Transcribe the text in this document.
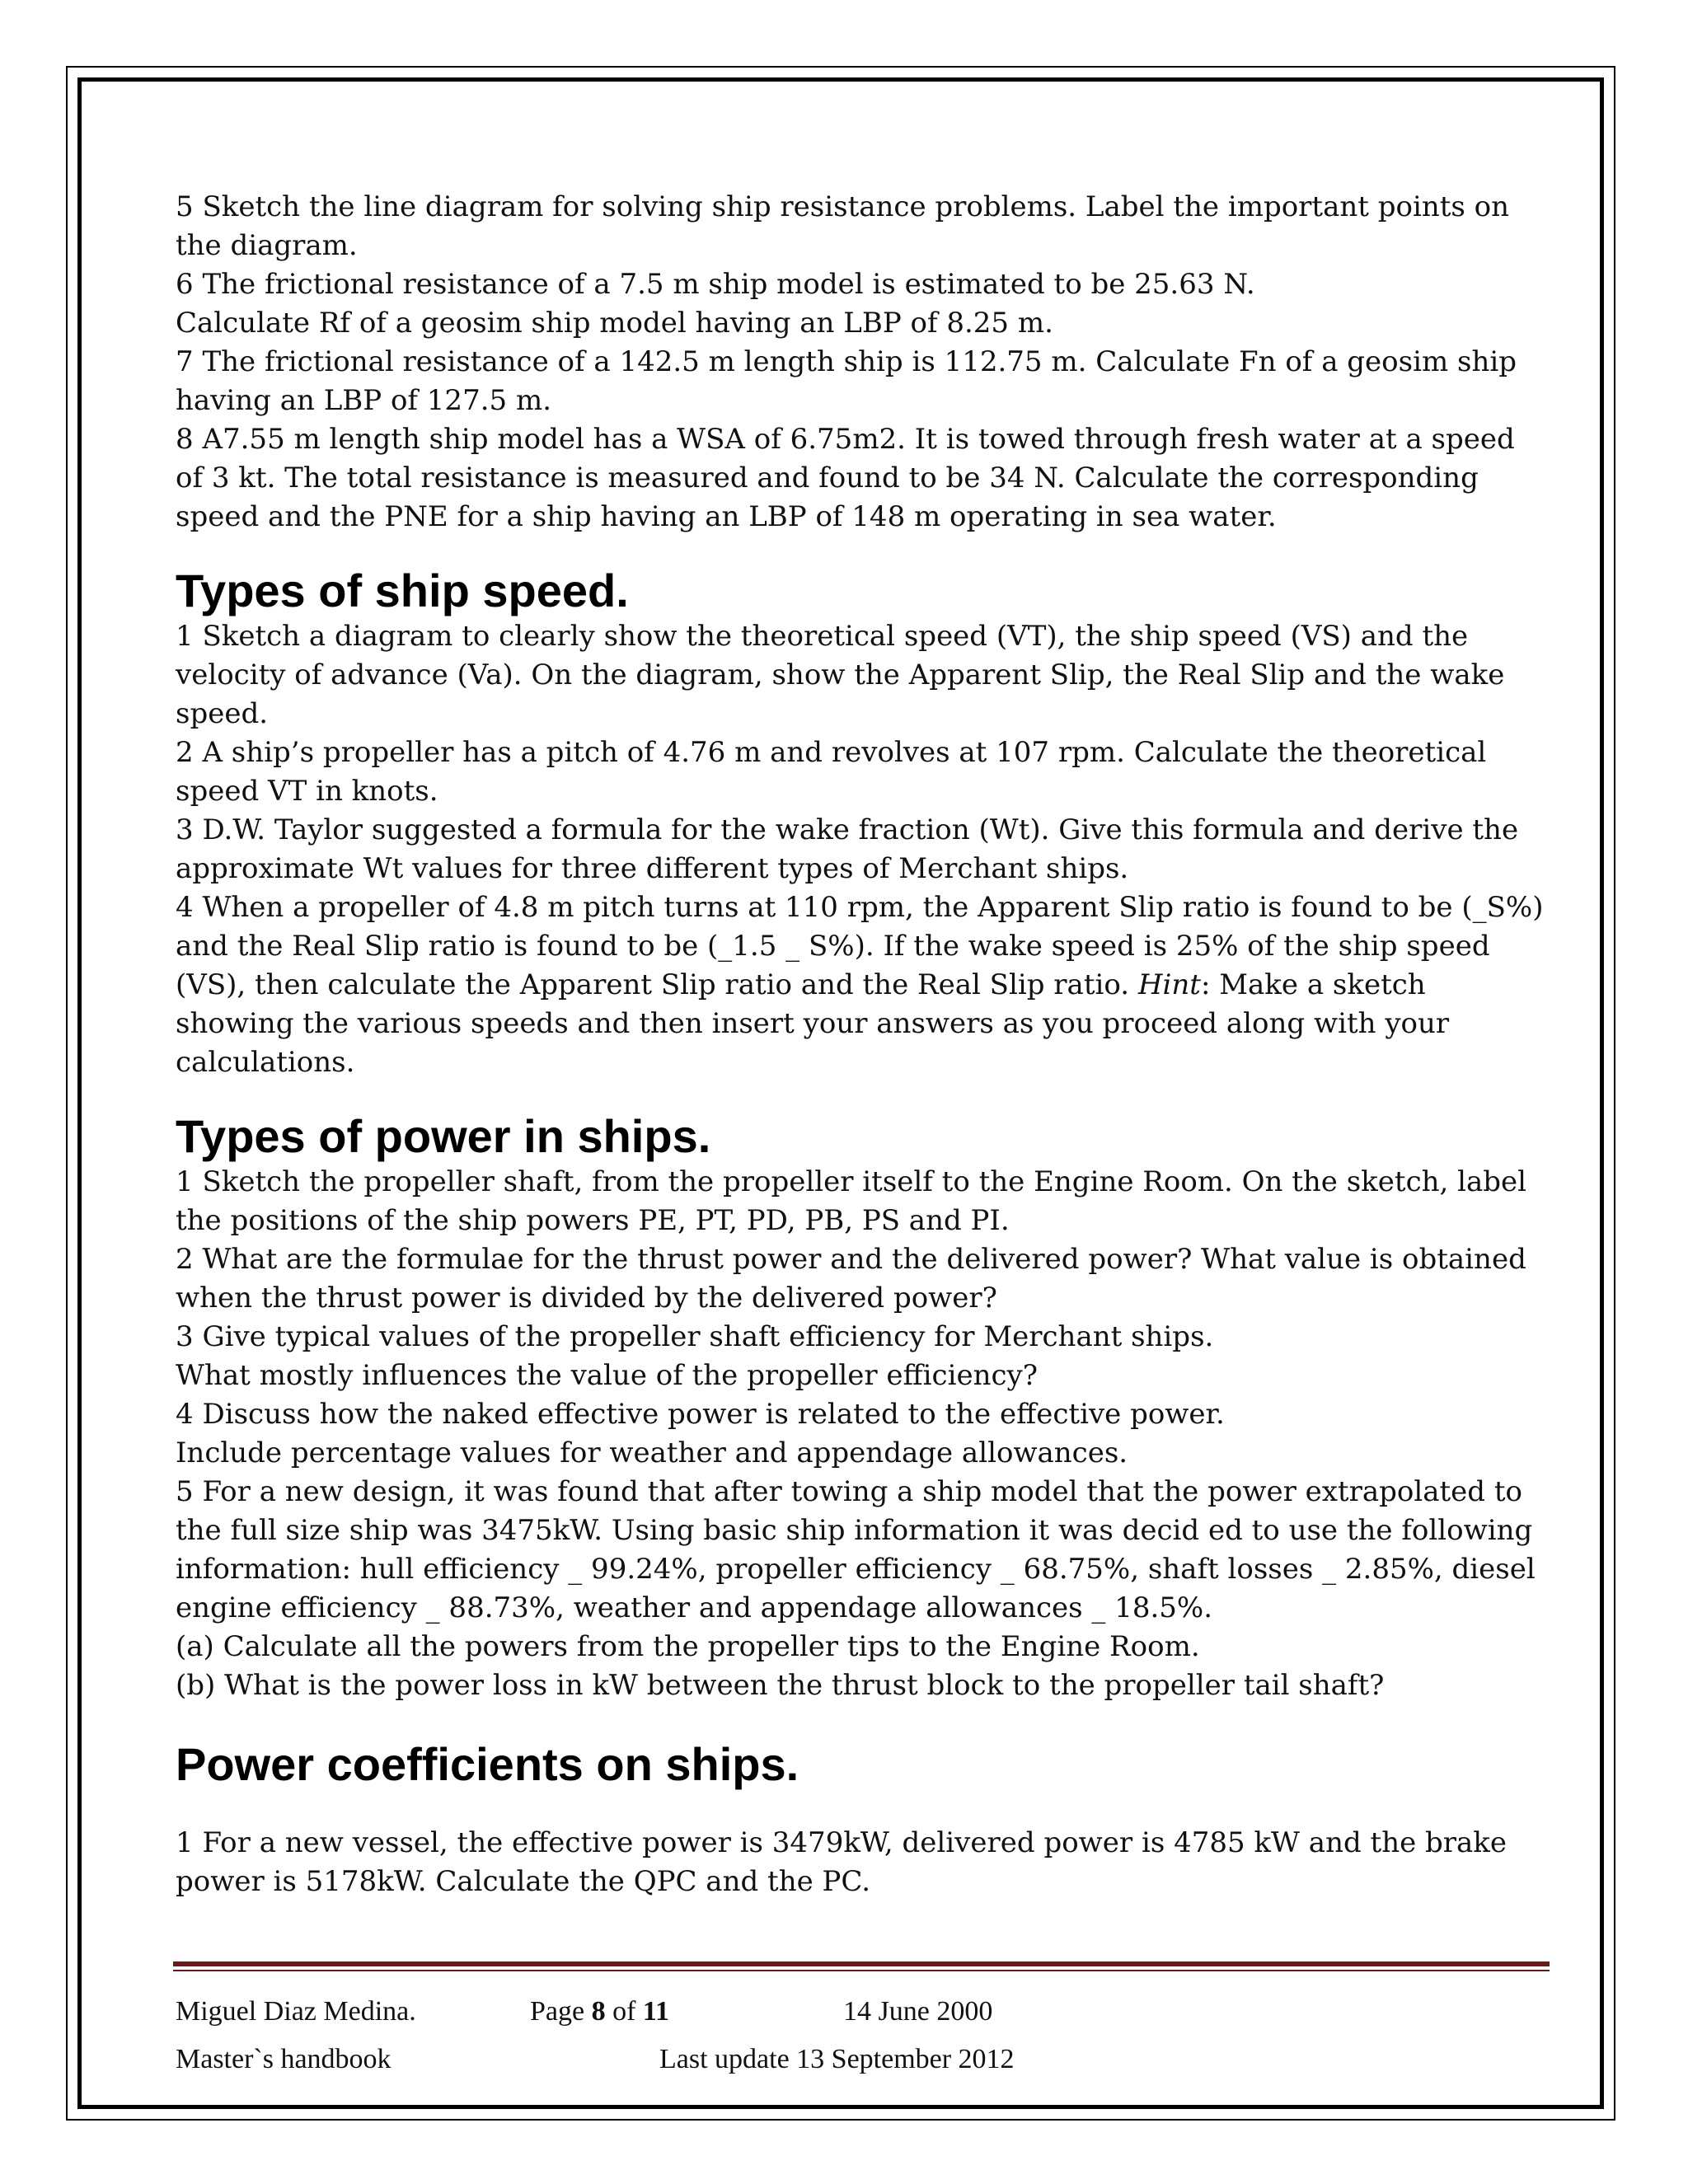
5 Sketch the line diagram for solving ship resistance problems. Label the important points on the diagram.

6 The frictional resistance of a 7.5 m ship model is estimated to be 25.63 N.

Calculate Rf of a geosim ship model having an LBP of 8.25 m.

7 The frictional resistance of a 142.5 m length ship is 112.75 m. Calculate Fn of a geosim ship having an LBP of 127.5 m.

8 A7.55 m length ship model has a WSA of 6.75m2. It is towed through fresh water at a speed of 3 kt. The total resistance is measured and found to be 34 N. Calculate the corresponding speed and the PNE for a ship having an LBP of 148 m operating in sea water.

Types of ship speed.

1 Sketch a diagram to clearly show the theoretical speed (VT), the ship speed (VS) and the velocity of advance (Va). On the diagram, show the Apparent Slip, the Real Slip and the wake speed.

2 A ship’s propeller has a pitch of 4.76 m and revolves at 107 rpm. Calculate the theoretical speed VT in knots.

3 D.W. Taylor suggested a formula for the wake fraction (Wt). Give this formula and derive the approximate Wt values for three different types of Merchant ships.

4 When a propeller of 4.8 m pitch turns at 110 rpm, the Apparent Slip ratio is found to be (_S%) and the Real Slip ratio is found to be (_1.5 _ S%). If the wake speed is 25% of the ship speed (VS), then calculate the Apparent Slip ratio and the Real Slip ratio. Hint: Make a sketch showing the various speeds and then insert your answers as you proceed along with your calculations.

Types of power in ships.

1 Sketch the propeller shaft, from the propeller itself to the Engine Room. On the sketch, label the positions of the ship powers PE, PT, PD, PB, PS and PI.

2 What are the formulae for the thrust power and the delivered power? What value is obtained when the thrust power is divided by the delivered power?

3 Give typical values of the propeller shaft efficiency for Merchant ships.

What mostly influences the value of the propeller efficiency?

4 Discuss how the naked effective power is related to the effective power.

Include percentage values for weather and appendage allowances.

5 For a new design, it was found that after towing a ship model that the power extrapolated to the full size ship was 3475kW. Using basic ship information it was decid ed to use the following information: hull efficiency _ 99.24%, propeller efficiency _ 68.75%, shaft losses _ 2.85%, diesel engine efficiency _ 88.73%, weather and appendage allowances _ 18.5%.

(a) Calculate all the powers from the propeller tips to the Engine Room.

(b) What is the power loss in kW between the thrust block to the propeller tail shaft?

Power coefficients on ships.

1 For a new vessel, the effective power is 3479kW, delivered power is 4785 kW and the brake power is 5178kW. Calculate the QPC and the PC.

Miguel Diaz Medina.	Page 8 of 11	14 June 2000
Master`s handbook	Last update 13 September 2012
